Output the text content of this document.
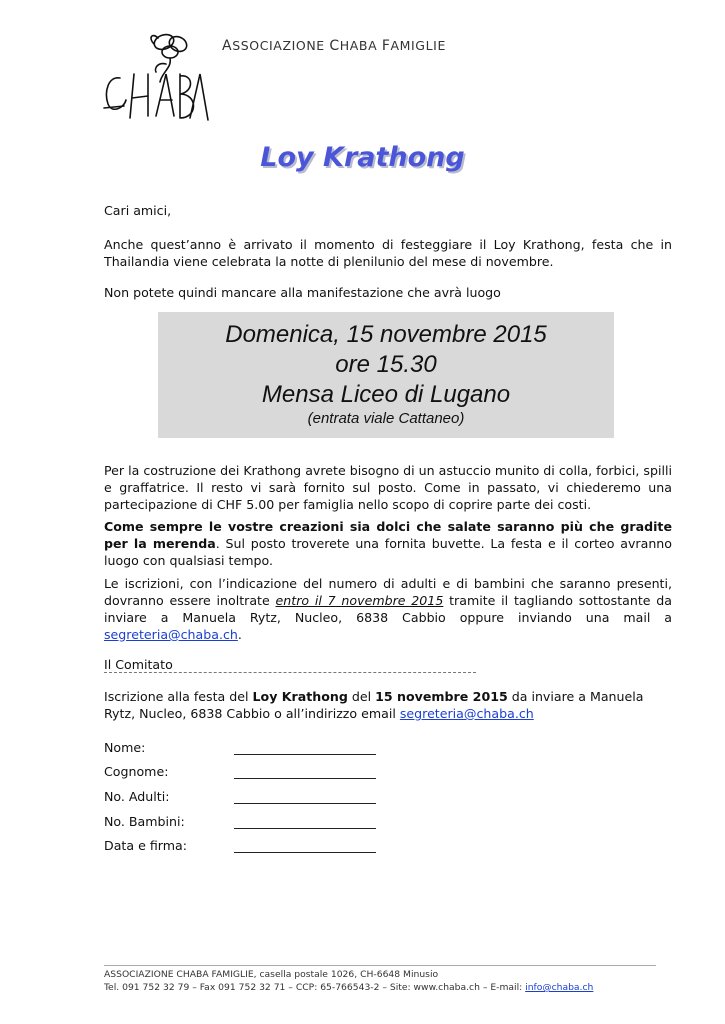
ASSOCIAZIONE CHABA FAMIGLIE
Loy Krathong
Cari amici,
Anche quest’anno è arrivato il momento di festeggiare il Loy Krathong, festa che in Thailandia viene celebrata la notte di plenilunio del mese di novembre.
Non potete quindi mancare alla manifestazione che avrà luogo
Domenica, 15 novembre 2015
ore 15.30
Mensa Liceo di Lugano
(entrata viale Cattaneo)
Per la costruzione dei Krathong avrete bisogno di un astuccio munito di colla, forbici, spilli e graffatrice. Il resto vi sarà fornito sul posto. Come in passato, vi chiederemo una partecipazione di CHF 5.00 per famiglia nello scopo di coprire parte dei costi.
Come sempre le vostre creazioni sia dolci che salate saranno più che gradite per la merenda. Sul posto troverete una fornita buvette. La festa e il corteo avranno luogo con qualsiasi tempo.
Le iscrizioni, con l’indicazione del numero di adulti e di bambini che saranno presenti, dovranno essere inoltrate entro il 7 novembre 2015 tramite il tagliando sottostante da inviare a Manuela Rytz, Nucleo, 6838 Cabbio oppure inviando una mail a segreteria@chaba.ch.
Il Comitato
Iscrizione alla festa del Loy Krathong del 15 novembre 2015 da inviare a Manuela Rytz, Nucleo, 6838 Cabbio o all’indirizzo email segreteria@chaba.ch
Nome:
Cognome:
No. Adulti:
No. Bambini:
Data e firma:
ASSOCIAZIONE CHABA FAMIGLIE, casella postale 1026, CH-6648 Minusio
Tel. 091 752 32 79 – Fax 091 752 32 71 – CCP: 65-766543-2 – Site: www.chaba.ch – E-mail: info@chaba.ch
